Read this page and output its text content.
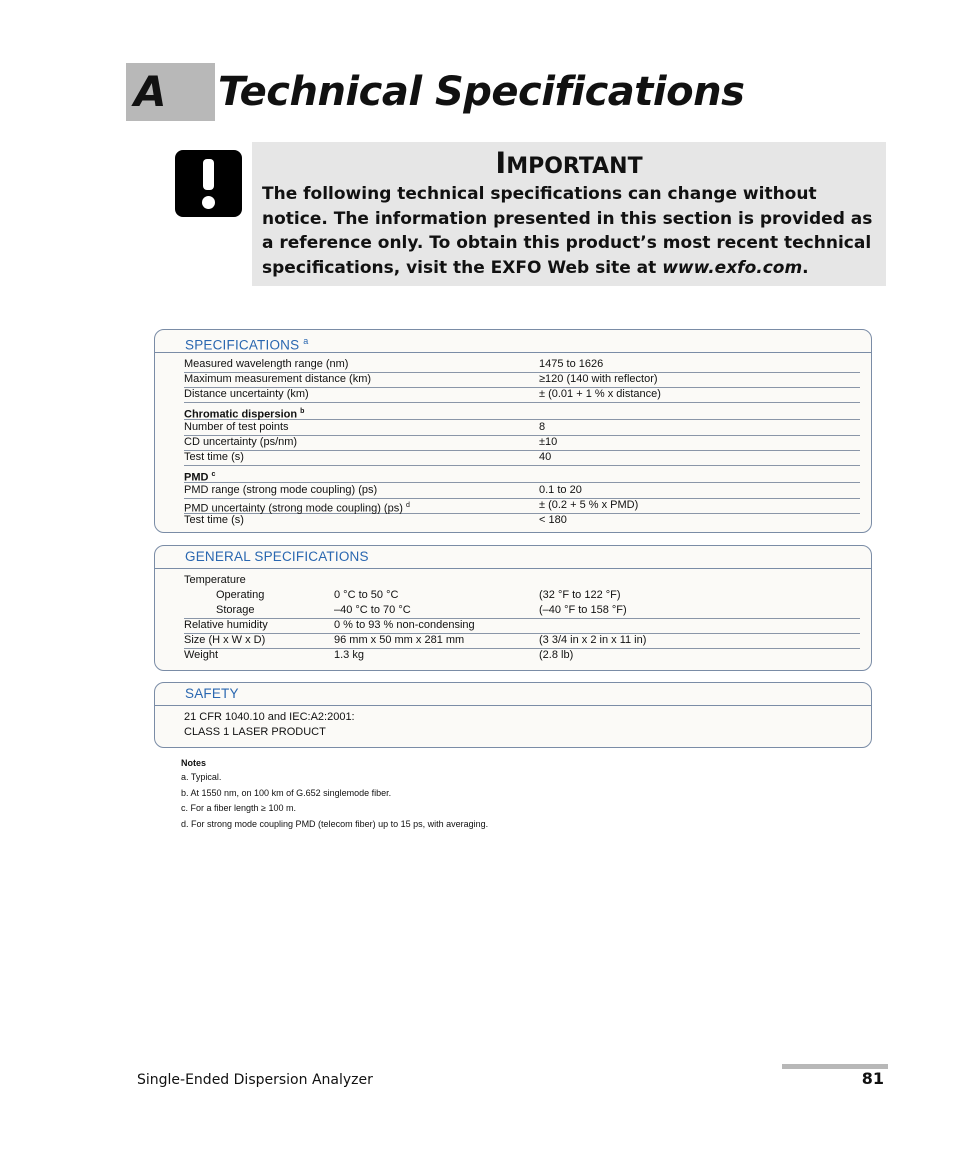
A Technical Specifications
IMPORTANT
The following technical specifications can change without notice. The information presented in this section is provided as a reference only. To obtain this product’s most recent technical specifications, visit the EXFO Web site at www.exfo.com.
SPECIFICATIONS $^a$
Measured wavelength range (nm)	1475 to 1626
Maximum measurement distance (km)	≥120 (140 with reflector)
Distance uncertainty (km)	± (0.01 + 1 % x distance)
Chromatic dispersion $^b$
Number of test points	8
CD uncertainty (ps/nm)	±10
Test time (s)	40
PMD $^c$
PMD range (strong mode coupling) (ps)	0.1 to 20
PMD uncertainty (strong mode coupling) (ps) $^d$	± (0.2 + 5 % x PMD)
Test time (s)	< 180
GENERAL SPECIFICATIONS
Temperature
Operating	0 °C to 50 °C	(32 °F to 122 °F)
Storage	–40 °C to 70 °C	(–40 °F to 158 °F)
Relative humidity	0 % to 93 % non-condensing
Size (H x W x D)	96 mm x 50 mm x 281 mm	(3 3/4 in x 2 in x 11 in)
Weight	1.3 kg	(2.8 lb)
SAFETY
21 CFR 1040.10 and IEC:A2:2001:
CLASS 1 LASER PRODUCT
Notes
a. Typical.
b. At 1550 nm, on 100 km of G.652 singlemode fiber.
c. For a fiber length ≥ 100 m.
d. For strong mode coupling PMD (telecom fiber) up to 15 ps, with averaging.
Single-Ended Dispersion Analyzer	81
